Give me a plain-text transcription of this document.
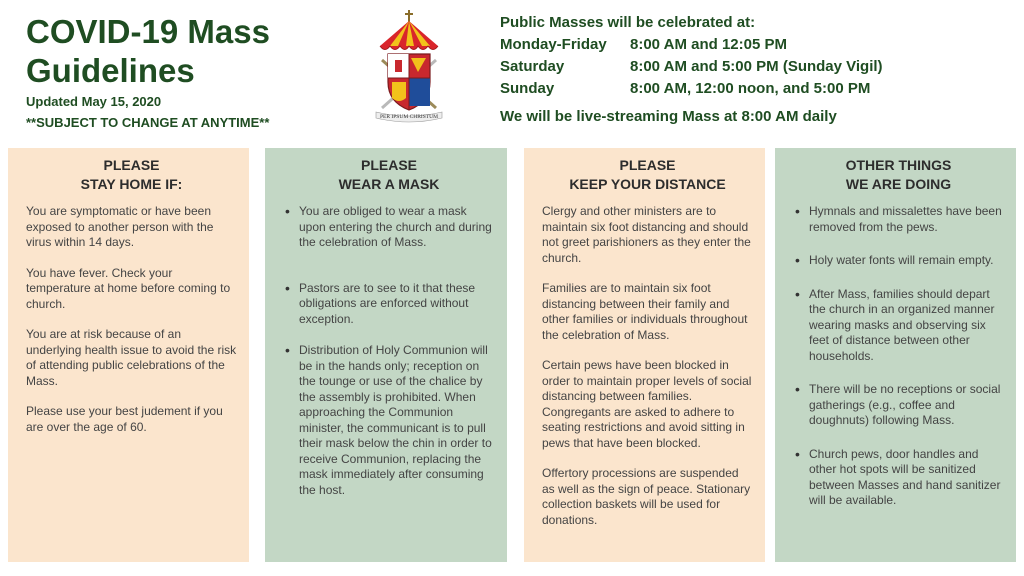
COVID-19 Mass
Guidelines
Updated May 15, 2020
**SUBJECT TO CHANGE AT ANYTIME**	PER IPSUM CHRISTUM
Public Masses will be celebrated at:
Monday-Friday	8:00 AM and 12:05 PM
Saturday	8:00 AM and 5:00 PM (Sunday Vigil)
Sunday	8:00 AM, 12:00 noon, and 5:00 PM
We will be live-streaming Mass at 8:00 AM daily
PLEASE
STAY HOME IF:

You are symptomatic or have been exposed to another person with the virus within 14 days.

You have fever. Check your temperature at home before coming to church.

You are at risk because of an underlying health issue to avoid the risk of attending public celebrations of the Mass.

Please use your best judement if you are over the age of 60.

PLEASE
WEAR A MASK
• You are obliged to wear a mask upon entering the church and during the celebration of Mass.
• Pastors are to see to it that these obligations are enforced without exception.
• Distribution of Holy Communion will be in the hands only; reception on the tounge or use of the chalice by the assembly is prohibited. When approaching the Communion minister, the communicant is to pull their mask below the chin in order to receive Communion, replacing the mask immediately after consuming the host.
PLEASE
KEEP YOUR DISTANCE

Clergy and other ministers are to maintain six foot distancing and should not greet parishioners as they enter the church.

Families are to maintain six foot distancing between their family and other families or individuals throughout the celebration of Mass.

Certain pews have been blocked in order to maintain proper levels of social distancing between families. Congregants are asked to adhere to seating restrictions and avoid sitting in pews that have been blocked.

Offertory processions are suspended as well as the sign of peace. Stationary collection baskets will be used for donations.

OTHER THINGS
WE ARE DOING
• Hymnals and missalettes have been removed from the pews.
• Holy water fonts will remain empty.
• After Mass, families should depart the church in an organized manner wearing masks and observing six feet of distance between other households.
• There will be no receptions or social gatherings (e.g., coffee and doughnuts) following Mass.
• Church pews, door handles and other hot spots will be sanitized between Masses and hand sanitizer will be available.
